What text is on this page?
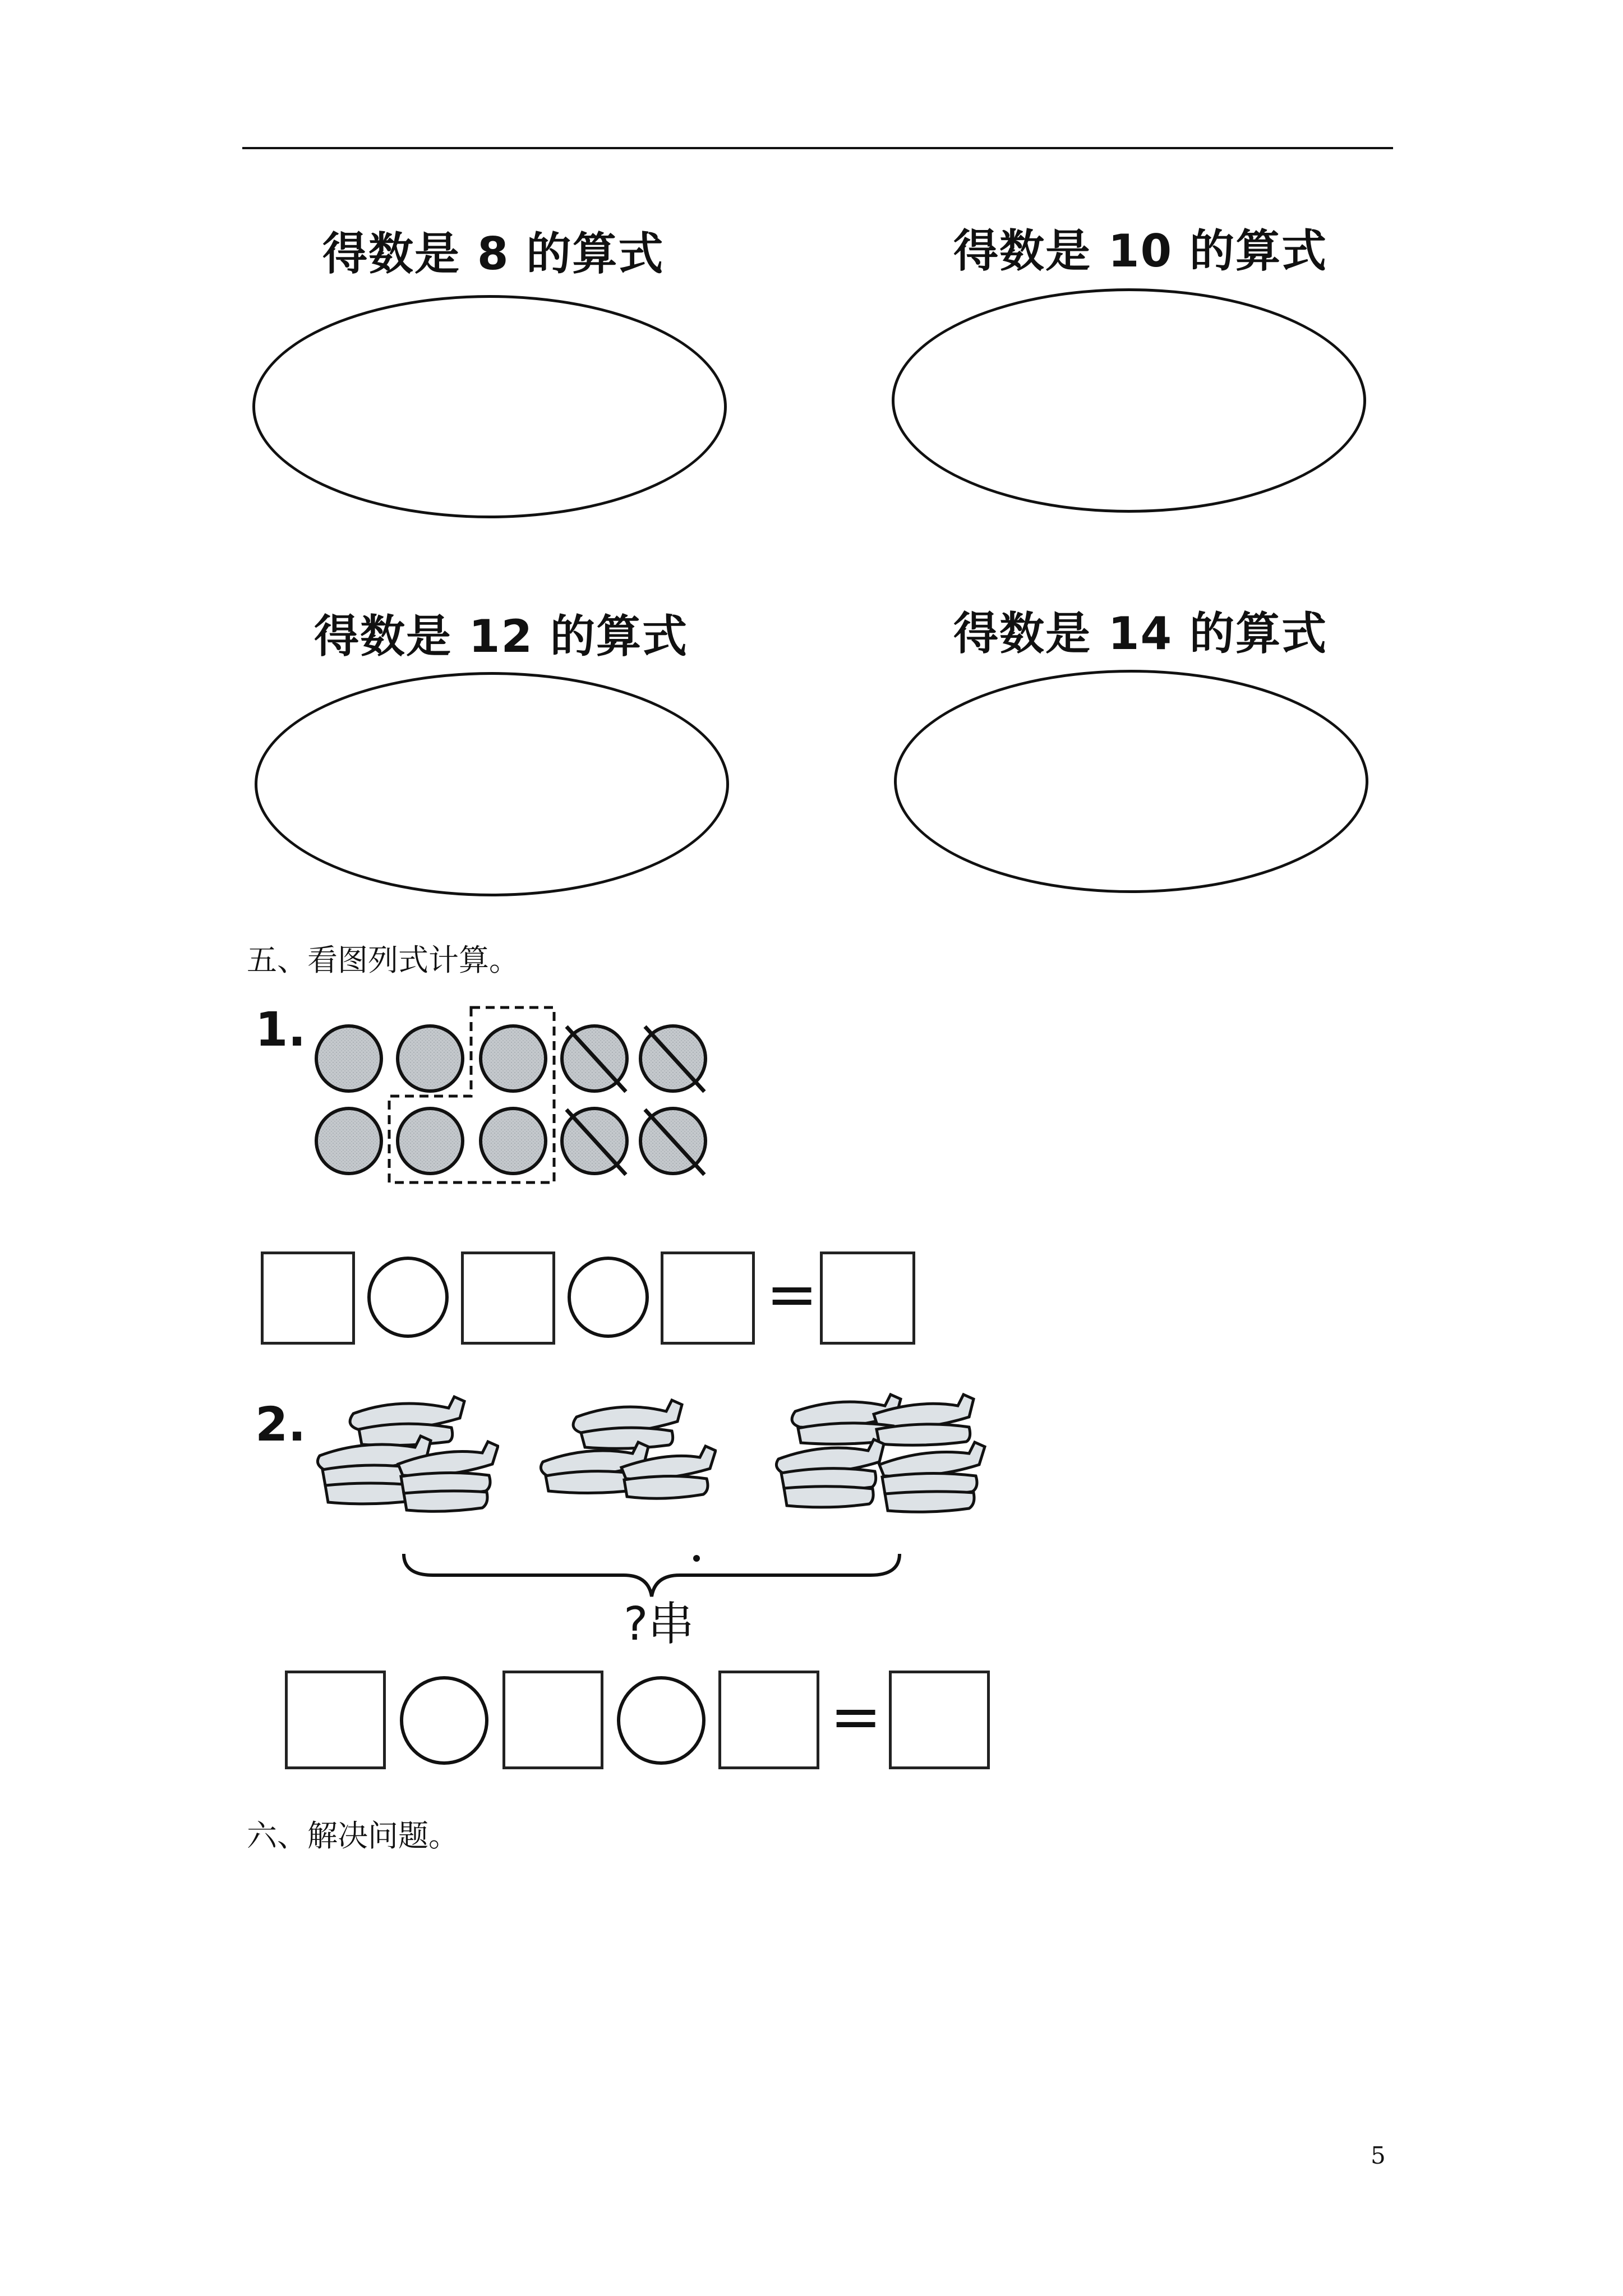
得数是 8 的算式	得数是 10 的算式
得数是 12 的算式	得数是 14 的算式
五、看图列式计算。
1.
=
2.
?串
=
六、解决问题。
5
